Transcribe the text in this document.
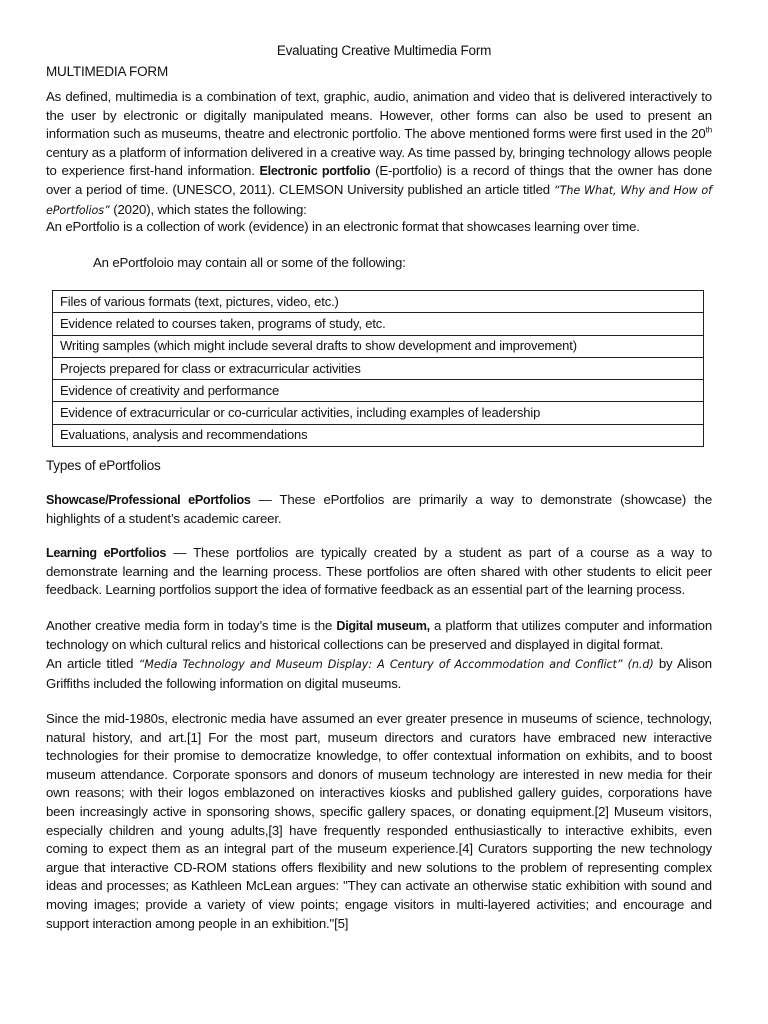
Evaluating Creative Multimedia Form
MULTIMEDIA FORM

As defined, multimedia is a combination of text, graphic, audio, animation and video that is delivered interactively to the user by electronic or digitally manipulated means. However, other forms can also be used to present an information such as museums, theatre and electronic portfolio. The above mentioned forms were first used in the 20th century as a platform of information delivered in a creative way. As time passed by, bringing technology allows people to experience first-hand information. Electronic portfolio (E-portfolio) is a record of things that the owner has done over a period of time. (UNESCO, 2011). CLEMSON University published an article titled “The What, Why and How of ePortfolios” (2020), which states the following:

An ePortfolio is a collection of work (evidence) in an electronic format that showcases learning over time.

An ePortfoloio may contain all or some of the following:

Files of various formats (text, pictures, video, etc.)
Evidence related to courses taken, programs of study, etc.
Writing samples (which might include several drafts to show development and improvement)
Projects prepared for class or extracurricular activities
Evidence of creativity and performance
Evidence of extracurricular or co-curricular activities, including examples of leadership
Evaluations, analysis and recommendations
Types of ePortfolios

Showcase/Professional ePortfolios — These ePortfolios are primarily a way to demonstrate (showcase) the highlights of a student’s academic career.

Learning ePortfolios — These portfolios are typically created by a student as part of a course as a way to demonstrate learning and the learning process. These portfolios are often shared with other students to elicit peer feedback. Learning portfolios support the idea of formative feedback as an essential part of the learning process.

Another creative media form in today’s time is the Digital museum, a platform that utilizes computer and information technology on which cultural relics and historical collections can be preserved and displayed in digital format.

An article titled “Media Technology and Museum Display: A Century of Accommodation and Conflict” (n.d) by Alison Griffiths included the following information on digital museums.

Since the mid-1980s, electronic media have assumed an ever greater presence in museums of science, technology, natural history, and art.[1] For the most part, museum directors and curators have embraced new interactive technologies for their promise to democratize knowledge, to offer contextual information on exhibits, and to boost museum attendance. Corporate sponsors and donors of museum technology are interested in new media for their own reasons; with their logos emblazoned on interactives kiosks and published gallery guides, corporations have been increasingly active in sponsoring shows, specific gallery spaces, or donating equipment.[2] Museum visitors, especially children and young adults,[3] have frequently responded enthusiastically to interactive exhibits, even coming to expect them as an integral part of the museum experience.[4] Curators supporting the new technology argue that interactive CD-ROM stations offers flexibility and new solutions to the problem of representing complex ideas and processes; as Kathleen McLean argues: "They can activate an otherwise static exhibition with sound and moving images; provide a variety of view points; engage visitors in multi-layered activities; and encourage and support interaction among people in an exhibition."[5]
